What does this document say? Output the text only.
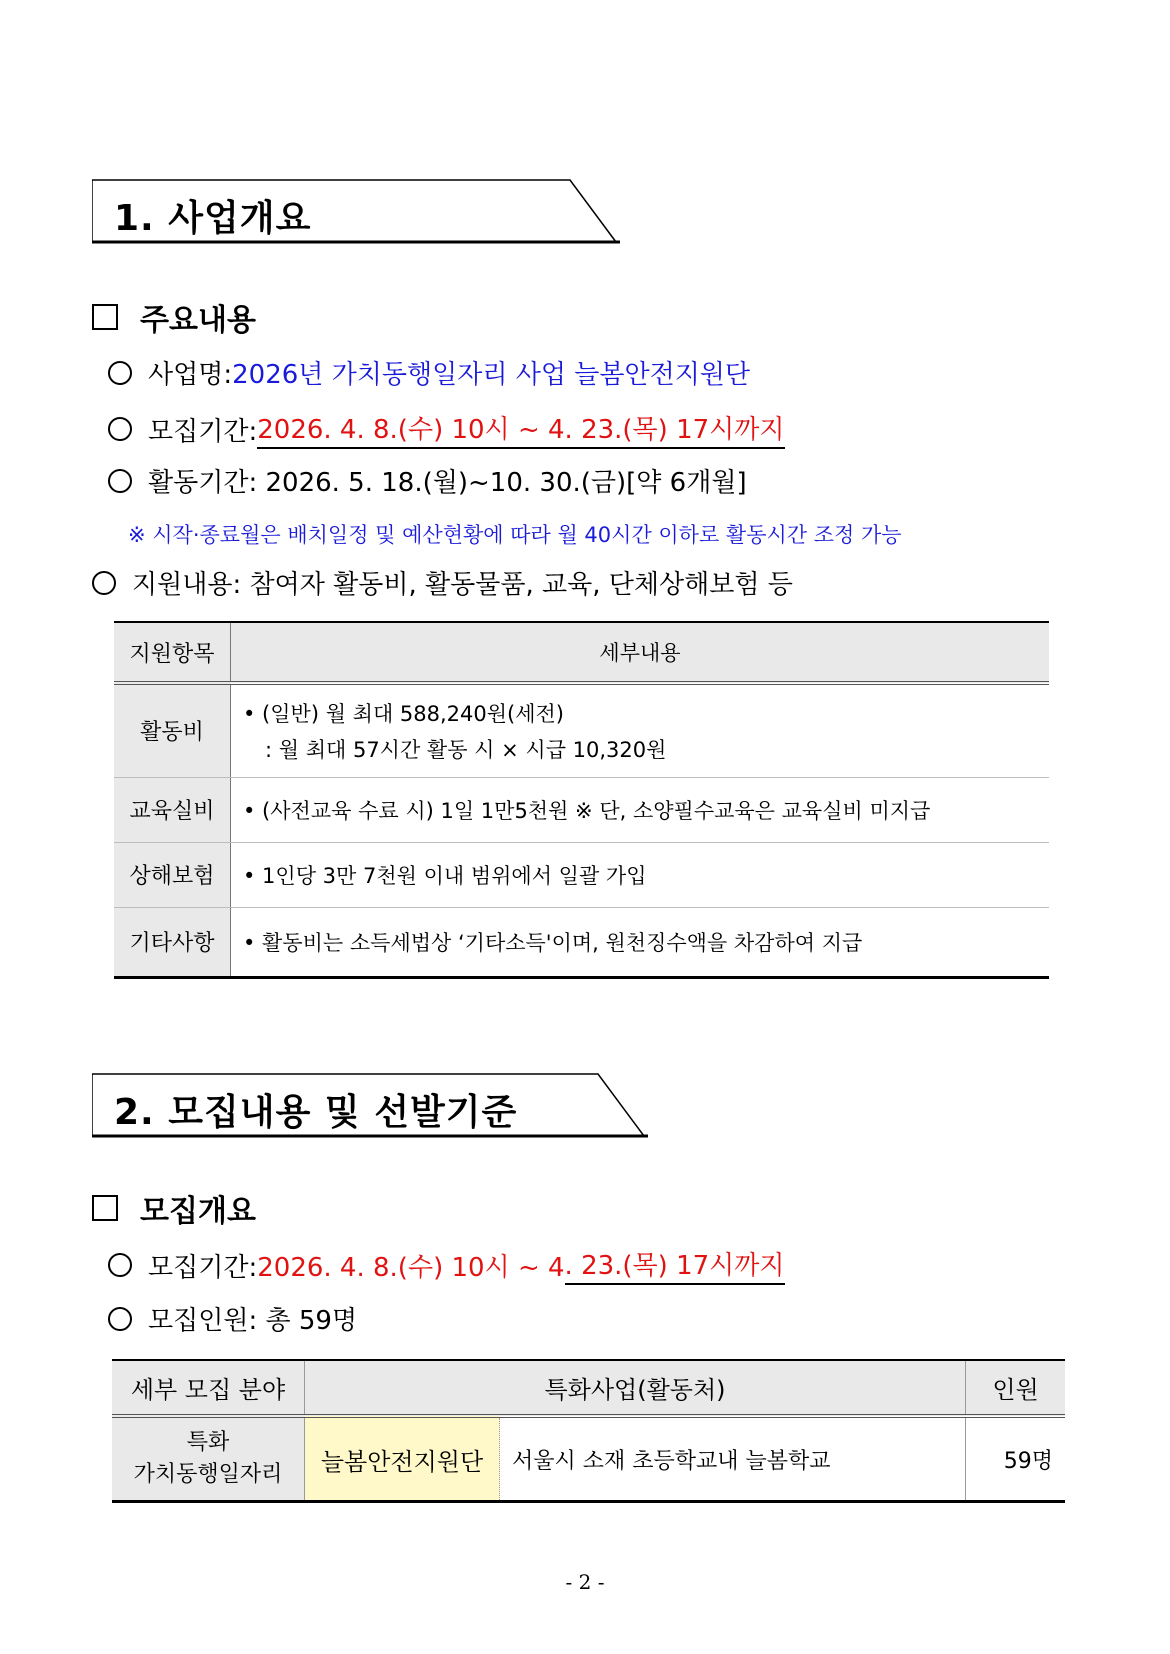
1. 사업개요
주요내용
사업명: 2026년 가치동행일자리 사업 늘봄안전지원단
모집기간: 2026. 4. 8.(수) 10시 ~ 4. 23.(목) 17시까지
활동기간: 2026. 5. 18.(월)~10. 30.(금)[약 6개월]
※ 시작·종료월은 배치일정 및 예산현황에 따라 월 40시간 이하로 활동시간 조정 가능
지원내용: 참여자 활동비, 활동물품, 교육, 단체상해보험 등
지원항목	세부내용
활동비	• (일반) 월 최대 588,240원(세전)
: 월 최대 57시간 활동 시 × 시급 10,320원

교육실비	• (사전교육 수료 시) 1일 1만5천원 ※ 단, 소양필수교육은 교육실비 미지급
상해보험	• 1인당 3만 7천원 이내 범위에서 일괄 가입
기타사항	• 활동비는 소득세법상 ‘기타소득'이며, 원천징수액을 차감하여 지급
2. 모집내용 및 선발기준
모집개요
모집기간: 2026. 4. 8.(수) 10시 ~ 4 . 23.(목) 17시까지
모집인원: 총 59명
세부 모집 분야	특화사업(활동처)		인원

특화
가치동행일자리	늘봄안전지원단	서울시 소재 초등학교내 늘봄학교	59명
- 2 -
